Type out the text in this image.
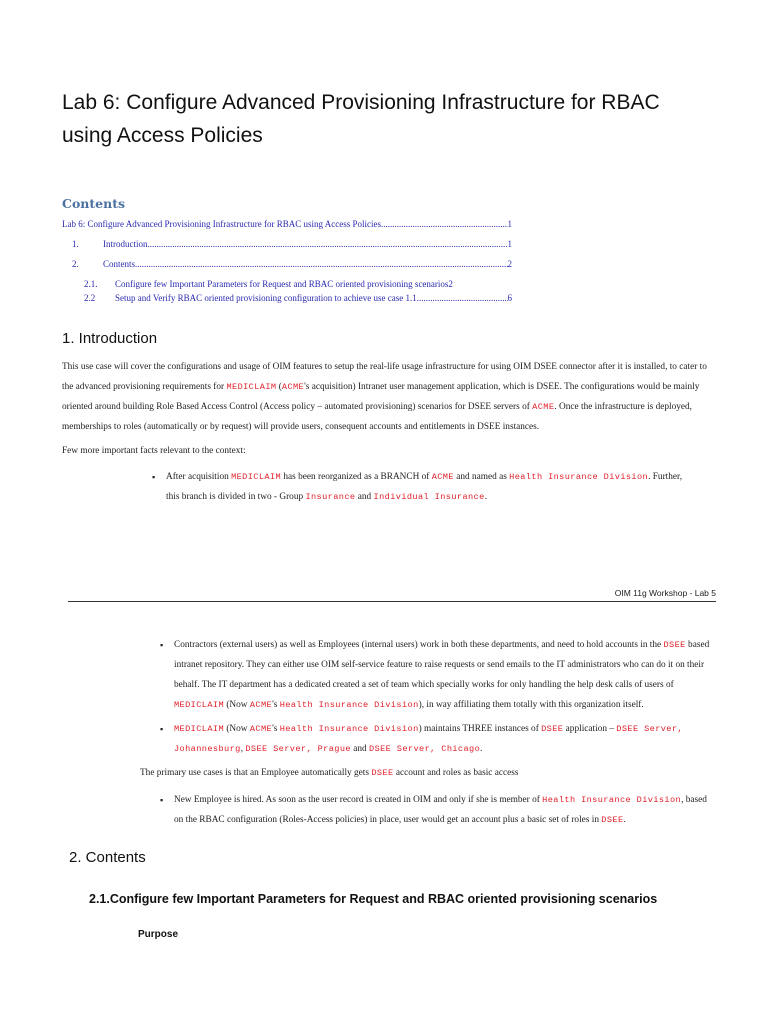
Lab 6: Configure Advanced Provisioning Infrastructure for RBAC using Access Policies
Contents
Lab 6: Configure Advanced Provisioning Infrastructure for RBAC using Access Policies .....	1
1.	Introduction .....	1
2.	Contents .....	2
2.1.	Configure few Important Parameters for Request and RBAC oriented provisioning scenarios 2
2.2	Setup and Verify RBAC oriented provisioning configuration to achieve use case 1.1 .....	6
1. Introduction
This use case will cover the configurations and usage of OIM features to setup the real-life usage infrastructure for using OIM DSEE connector after it is installed, to cater to the advanced provisioning requirements for MEDICLAIM (ACME's acquisition) Intranet user management application, which is DSEE. The configurations would be mainly oriented around building Role Based Access Control (Access policy – automated provisioning) scenarios for DSEE servers of ACME. Once the infrastructure is deployed, memberships to roles (automatically or by request) will provide users, consequent accounts and entitlements in DSEE instances.
Few more important facts relevant to the context:
▪ After acquisition MEDICLAIM has been reorganized as a BRANCH of ACME and named as Health Insurance Division. Further, this branch is divided in two - Group Insurance and Individual Insurance.
OIM 11g Workshop - Lab 5
▪ Contractors (external users) as well as Employees (internal users) work in both these departments, and need to hold accounts in the DSEE based intranet repository. They can either use OIM self-service feature to raise requests or send emails to the IT administrators who can do it on their behalf. The IT department has a dedicated created a set of team which specially works for only handling the help desk calls of users of MEDICLAIM (Now ACME's Health Insurance Division), in way affiliating them totally with this organization itself.
▪ MEDICLAIM (Now ACME's Health Insurance Division) maintains THREE instances of DSEE application – DSEE Server, Johannesburg, DSEE Server, Prague and DSEE Server, Chicago.
The primary use cases is that an Employee automatically gets DSEE account and roles as basic access
▪ New Employee is hired. As soon as the user record is created in OIM and only if she is member of Health Insurance Division, based on the RBAC configuration (Roles-Access policies) in place, user would get an account plus a basic set of roles in DSEE.
2. Contents
2.1.Configure few Important Parameters for Request and RBAC oriented provisioning scenarios
Purpose
